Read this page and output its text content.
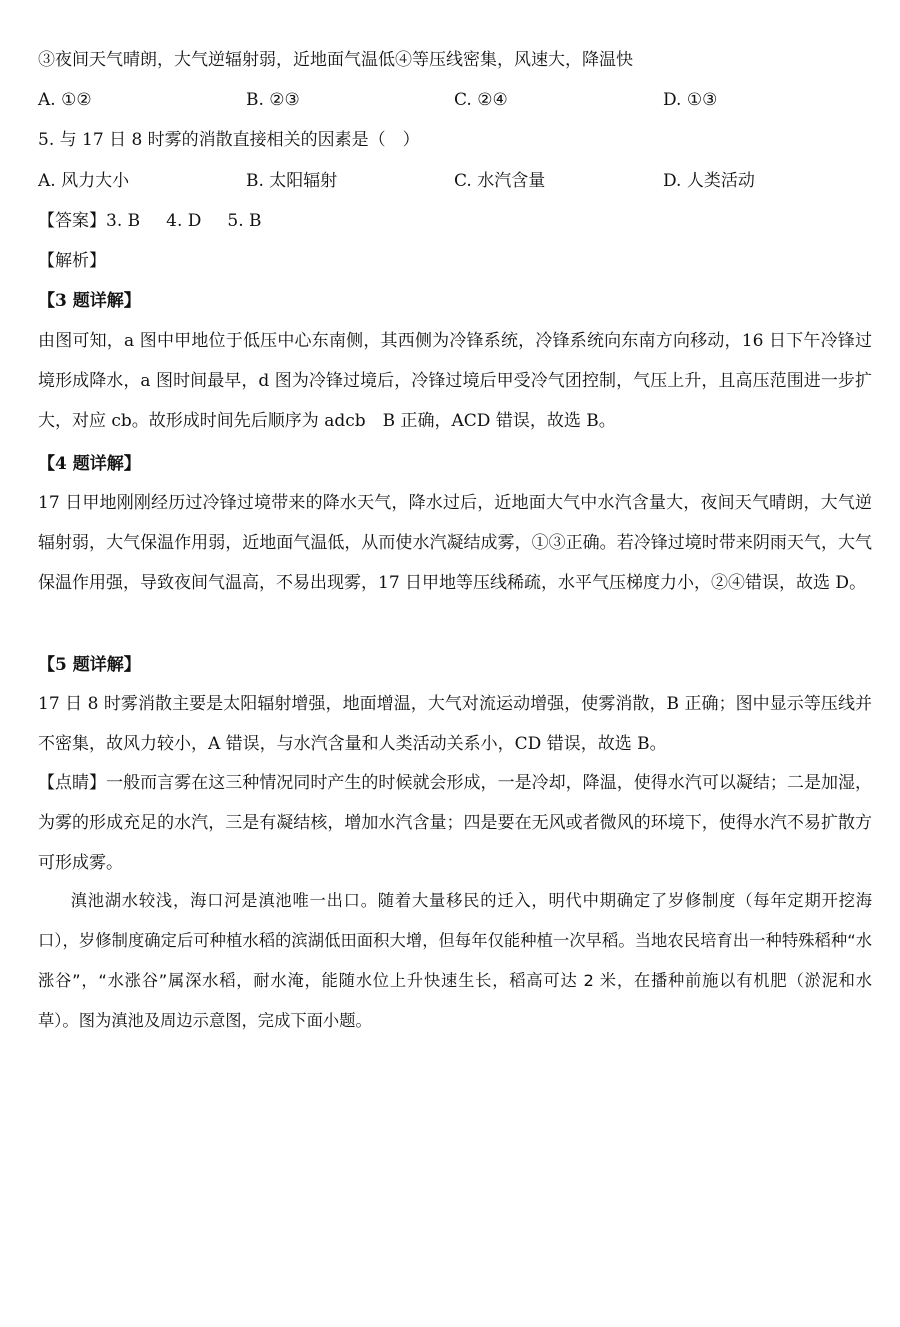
③夜间天气晴朗，大气逆辐射弱，近地面气温低④等压线密集，风速大，降温快
A. ①②	B. ②③	C. ②④	D. ①③
5. 与 17 日 8 时雾的消散直接相关的因素是（　）
A. 风力大小	B. 太阳辐射	C. 水汽含量	D. 人类活动
【答案】3. B 4. D 5. B
【解析】
【3 题详解】
由图可知，a 图中甲地位于低压中心东南侧，其西侧为冷锋系统，冷锋系统向东南方向移动，16 日下午冷锋过境形成降水，a 图时间最早，d 图为冷锋过境后，冷锋过境后甲受冷气团控制，气压上升，且高压范围进一步扩大，对应 cb。故形成时间先后顺序为 adcb　B 正确，ACD 错误，故选 B。
【4 题详解】
17 日甲地刚刚经历过冷锋过境带来的降水天气，降水过后，近地面大气中水汽含量大，夜间天气晴朗，大气逆辐射弱，大气保温作用弱，近地面气温低，从而使水汽凝结成雾，①③正确。若冷锋过境时带来阴雨天气，大气保温作用强，导致夜间气温高，不易出现雾，17 日甲地等压线稀疏，水平气压梯度力小，②④错误，故选 D。
【5 题详解】
17 日 8 时雾消散主要是太阳辐射增强，地面增温，大气对流运动增强，使雾消散，B 正确；图中显示等压线并不密集，故风力较小，A 错误，与水汽含量和人类活动关系小，CD 错误，故选 B。
【点睛】一般而言雾在这三种情况同时产生的时候就会形成，一是冷却，降温，使得水汽可以凝结；二是加湿，为雾的形成充足的水汽，三是有凝结核，增加水汽含量；四是要在无风或者微风的环境下，使得水汽不易扩散方可形成雾。
滇池湖水较浅，海口河是滇池唯一出口。随着大量移民的迁入，明代中期确定了岁修制度（每年定期开挖海口），岁修制度确定后可种植水稻的滨湖低田面积大增，但每年仅能种植一次早稻。当地农民培育出一种特殊稻种“水涨谷”，“水涨谷”属深水稻，耐水淹，能随水位上升快速生长，稻高可达 2 米，在播种前施以有机肥（淤泥和水草）。图为滇池及周边示意图，完成下面小题。
